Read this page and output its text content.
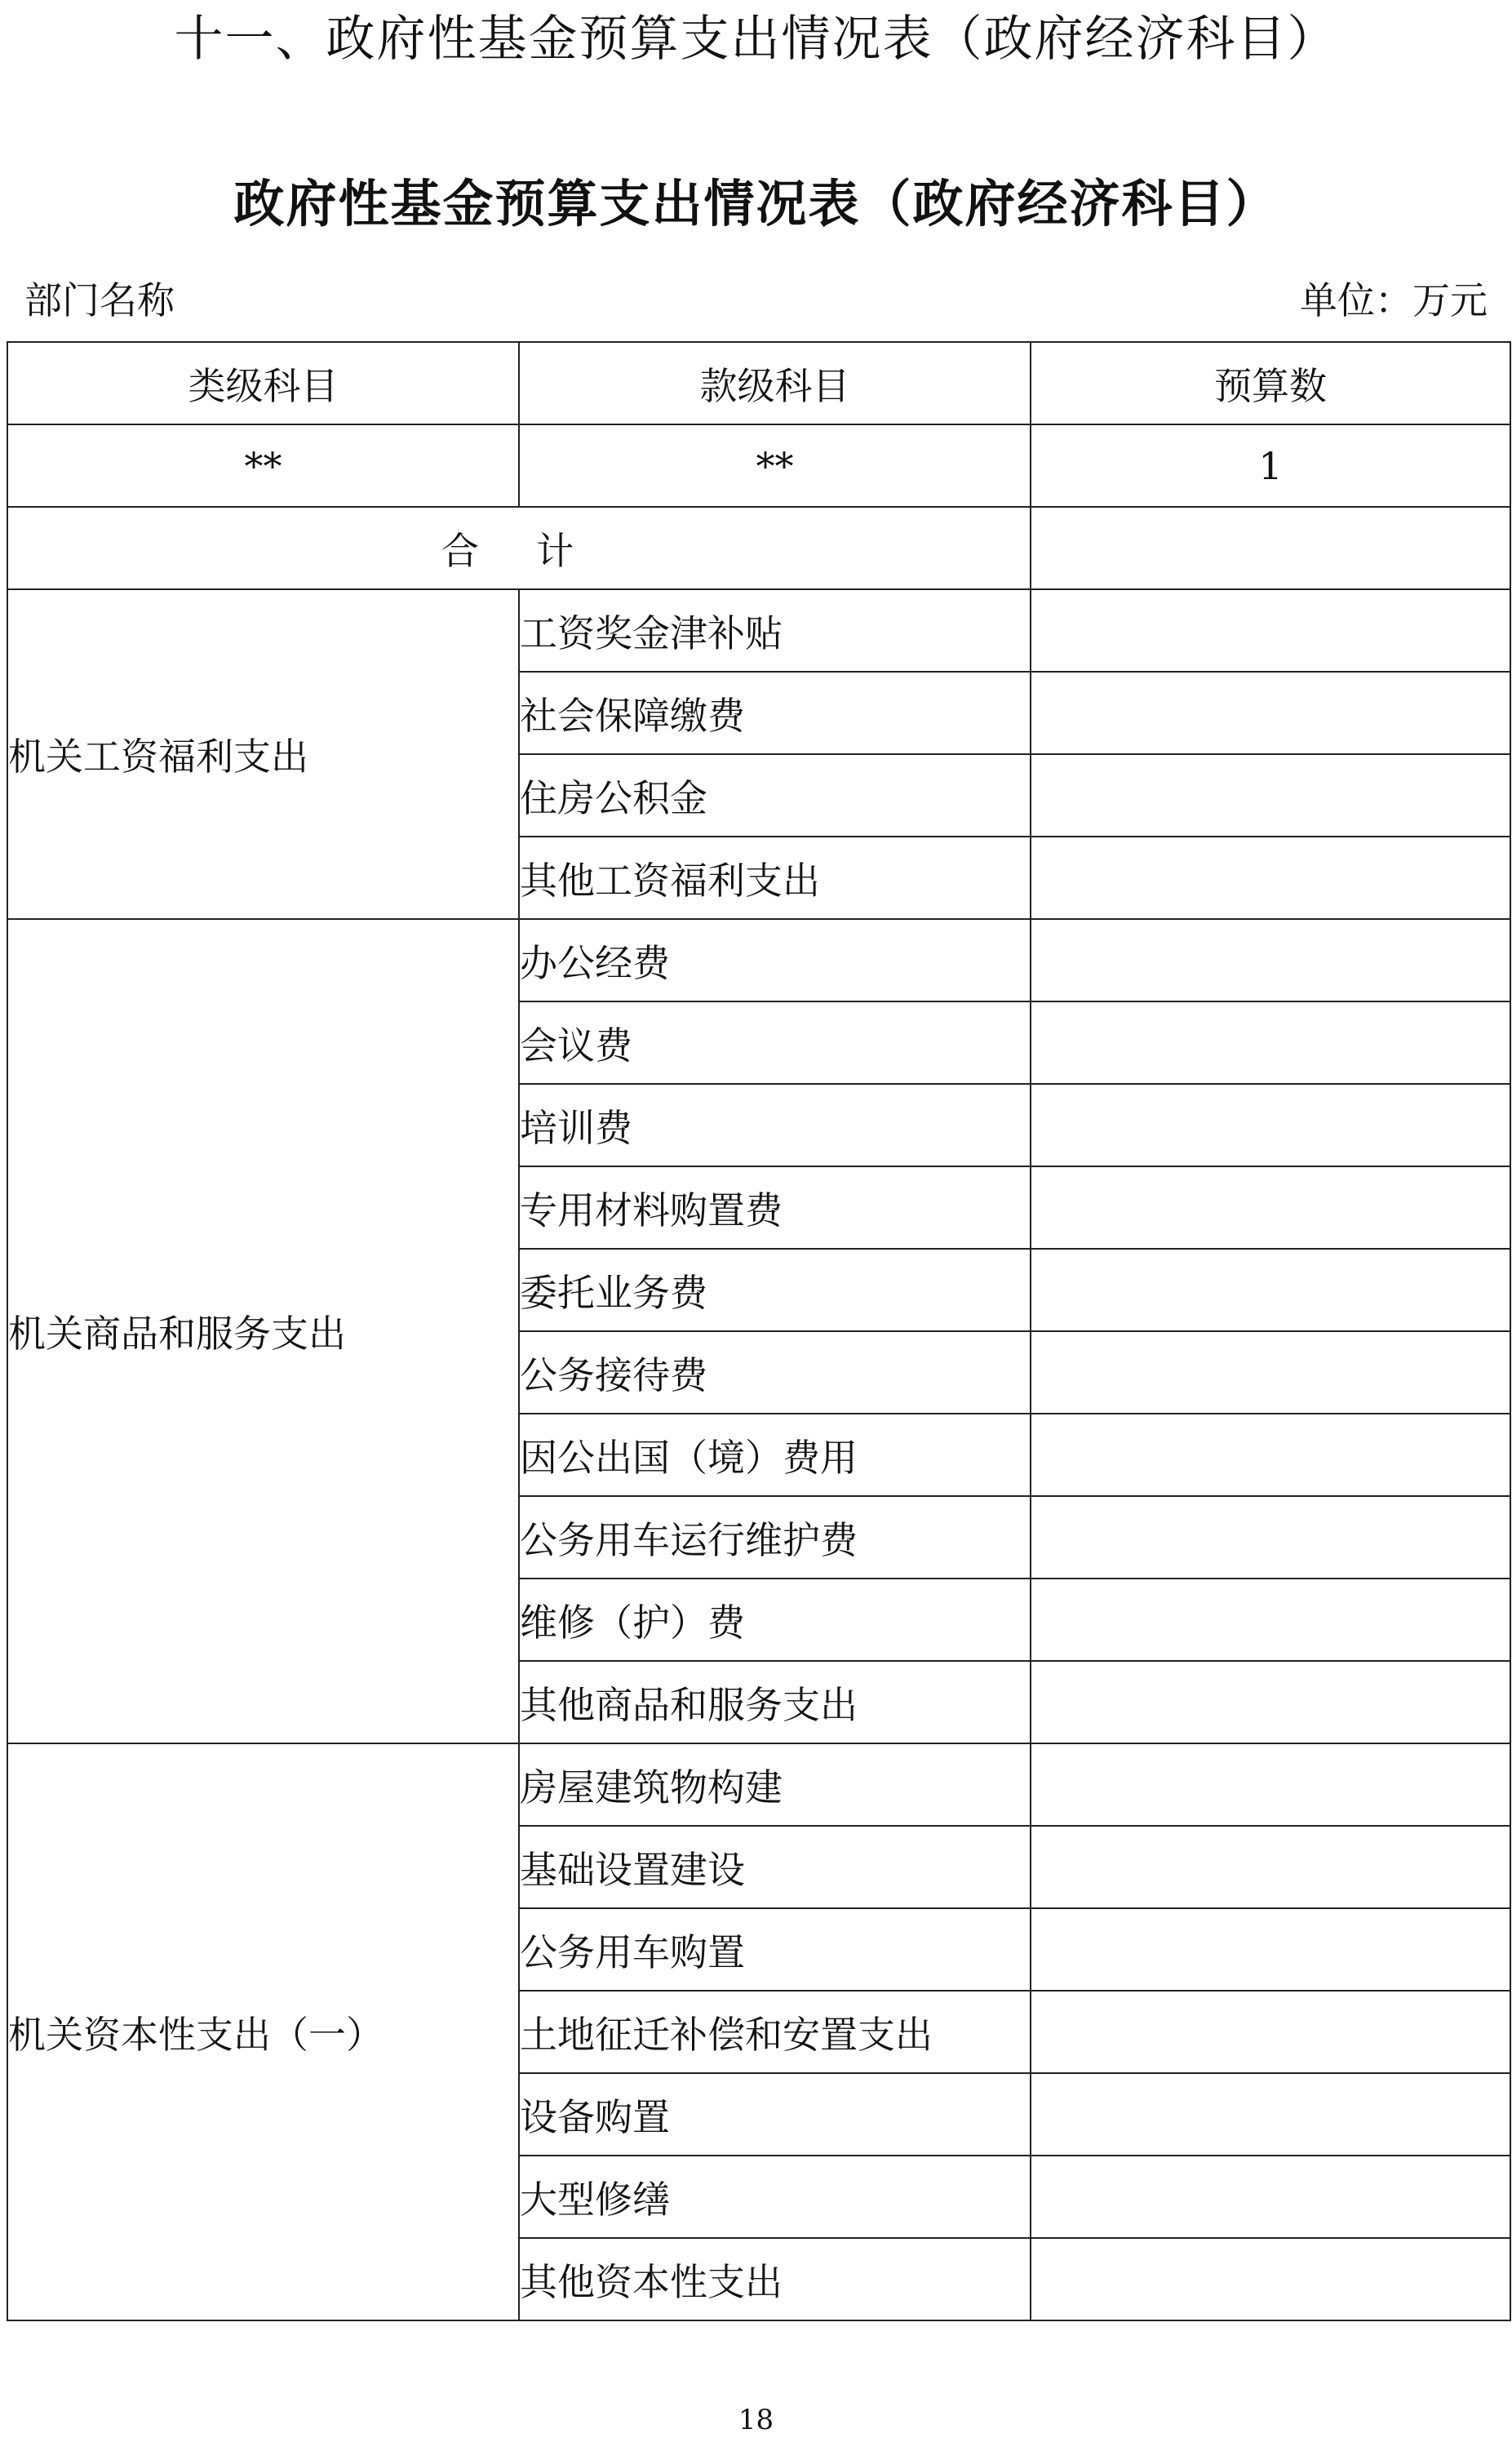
十一、政府性基金预算支出情况表（政府经济科目）
政府性基金预算支出情况表（政府经济科目）
部门名称	单位：万元
类级科目	款级科目	预算数
**	**	1
合 计		
机关工资福利支出	工资奖金津补贴	
	社会保障缴费	
	住房公积金	
	其他工资福利支出	
机关商品和服务支出	办公经费	
	会议费	
	培训费	
	专用材料购置费	
	委托业务费	
	公务接待费	
	因公出国（境）费用	
	公务用车运行维护费	
	维修（护）费	
	其他商品和服务支出	
机关资本性支出（一）	房屋建筑物构建	
	基础设置建设	
	公务用车购置	
	土地征迁补偿和安置支出	
	设备购置	
	大型修缮	
	其他资本性支出	
18
